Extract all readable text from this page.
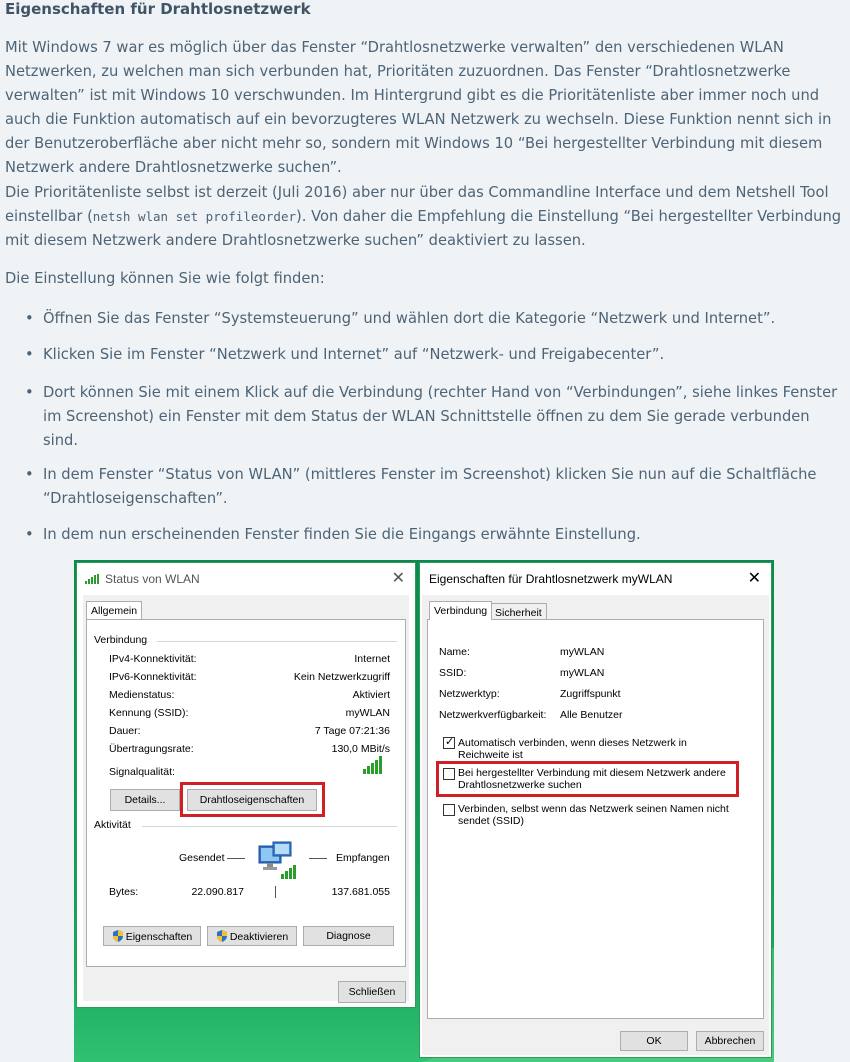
Eigenschaften für Drahtlosnetzwerk

Mit Windows 7 war es möglich über das Fenster “Drahtlosnetzwerke verwalten” den verschiedenen WLAN Netzwerken, zu welchen man sich verbunden hat, Prioritäten zuzuordnen. Das Fenster “Drahtlosnetzwerke verwalten” ist mit Windows 10 verschwunden. Im Hintergrund gibt es die Prioritätenliste aber immer noch und auch die Funktion automatisch auf ein bevorzugteres WLAN Netzwerk zu wechseln. Diese Funktion nennt sich in der Benutzeroberfläche aber nicht mehr so, sondern mit Windows 10 “Bei hergestellter Verbindung mit diesem Netzwerk andere Drahtlosnetzwerke suchen”.

Die Prioritätenliste selbst ist derzeit (Juli 2016) aber nur über das Commandline Interface und dem Netshell Tool einstellbar (netsh wlan set profileorder). Von daher die Empfehlung die Einstellung “Bei hergestellter Verbindung mit diesem Netzwerk andere Drahtlosnetzwerke suchen” deaktiviert zu lassen.

Die Einstellung können Sie wie folgt finden:

• Öffnen Sie das Fenster “Systemsteuerung” und wählen dort die Kategorie “Netzwerk und Internet”.
• Klicken Sie im Fenster “Netzwerk und Internet” auf “Netzwerk- und Freigabecenter”.
• Dort können Sie mit einem Klick auf die Verbindung (rechter Hand von “Verbindungen”, siehe linkes Fenster im Screenshot) ein Fenster mit dem Status der WLAN Schnittstelle öffnen zu dem Sie gerade verbunden sind.
• In dem Fenster “Status von WLAN” (mittleres Fenster im Screenshot) klicken Sie nun auf die Schaltfläche “Drahtloseigenschaften”.
• In dem nun erscheinenden Fenster finden Sie die Eingangs erwähnte Einstellung.
Status von WLAN	✕
Allgemein
Verbindung
IPv4-Konnektivität:	Internet
IPv6-Konnektivität:	Kein Netzwerkzugriff
Medienstatus:	Aktiviert
Kennung (SSID):	myWLAN
Dauer:	7 Tage 07:21:36
Übertragungsrate:	130,0 MBit/s
Signalqualität:
Details...	Drahtloseigenschaften
Aktivität
Gesendet	Empfangen
Bytes:	22.090.817	137.681.055
Eigenschaften	Deaktivieren	Diagnose
Schließen
Eigenschaften für Drahtlosnetzwerk myWLAN	✕
Verbindung Sicherheit
Name:	myWLAN
SSID:	myWLAN
Netzwerktyp:	Zugriffspunkt
Netzwerkverfügbarkeit: Alle Benutzer
✓ Automatisch verbinden, wenn dieses Netzwerk in Reichweite ist
Bei hergestellter Verbindung mit diesem Netzwerk andere Drahtlosnetzwerke suchen
Verbinden, selbst wenn das Netzwerk seinen Namen nicht sendet (SSID)
OK	Abbrechen
